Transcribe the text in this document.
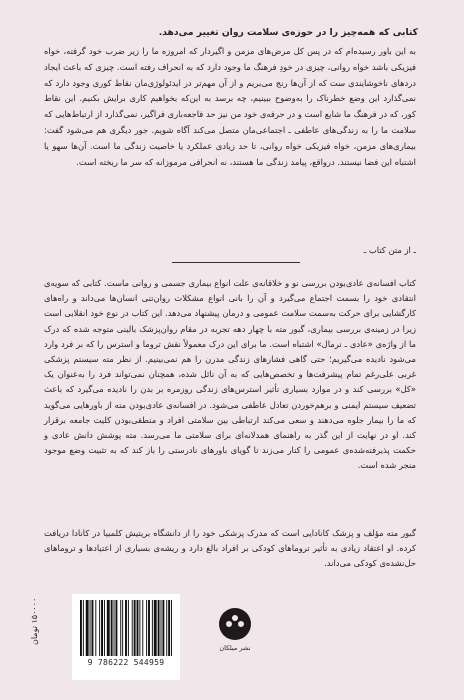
کتابی که همه‌چیز را در حوزه‌ی سلامت روان تغییر می‌دهد.
به این باور رسیده‌ام که در پس کل مرض‌های مزمن و اگیردار که امروزه ما را زیر ضرب خود گرفته، خواه فیزیکی باشد خواه روانی، چیزی در خودِ فرهنگ ما وجود دارد که به انحراف رفته است. چیزی که باعث ایجاد دردهای ناخوشایندی ست که از آن‌ها رنج می‌بریم و از آن مهم‌تر در ایدئولوژی‌مان نقاط کوری وجود دارد که نمی‌گذارد این وضع خطرناک را به‌وضوح ببینیم، چه برسد به این‌که بخواهیم کاری برایش بکنیم. این نقاط کور، که در فرهنگ ما شایع است و در حرفه‌ی خود من نیز حد فاجعه‌باری فراگیر، نمی‌گذارد از ارتباط‌هایی که سلامت ما را به زندگی‌های عاطفی ـ اجتماعی‌مان متصل می‌کند آگاه شویم. جور دیگری هم می‌شود گفت: بیماری‌های مزمن، خواه فیزیکی خواه روانی، تا حد زیادی عملکرد یا خاصیت زندگی ما است. آن‌ها سهو یا اشتباه این فضا نیستند. درواقع، پیامد زندگی ما هستند، نه انحرافی مرموزانه که سر ما ریخته است.
ـ از متن کتاب ـ
کتاب افسانه‌ی عادی‌بودن بررسی نو و خلاقانه‌ی علت انواع بیماری جسمی و روانی ماست. کتابی که سویه‌ی انتقادی خود را بسمت اجتماع می‌گیرد و آن را بانی انواع مشکلات روان‌تنی انسان‌ها می‌داند و راه‌های کارگشایی برای حرکت به‌سمت سلامت عمومی و درمان پیشنهاد می‌دهد. این کتاب در نوع خود انقلابی است زیرا در زمینه‌ی بررسی بیماری، گبور مته با چهار دهه تجربه در مقام روان‌پزشک بالینی متوجه شده که درک ما از واژه‌ی «عادی ـ نرمال» اشتباه است. ما برای این درک معمولاً نقش تروما و استرس را که بر فرد وارد می‌شود نادیده می‌گیریم؛ حتی گاهی فشارهای زندگی مدرن را هم نمی‌بینیم. از نظر مته سیستم پزشکی غربی علی‌رغم تمام پیشرفت‌ها و تخصص‌هایی که به آن نائل شده، همچنان نمی‌تواند فرد را به‌عنوان یک «کل» بررسی کند و در موارد بسیاری تأثیر استرس‌های زندگی روزمره بر بدن را نادیده می‌گیرد که باعث تضعیف سیستم ایمنی و برهم‌خوردن تعادل عاطفی می‌شود. در افسانه‌ی عادی‌بودن مته از باورهایی می‌گوید که ما را بیمار جلوه می‌دهند و سعی می‌کند ارتباطی بین سلامتی افراد و منطقی‌بودن کلیت جامعه برقرار کند. او در نهایت از این گذر به راهنمای همدلانه‌ای برای سلامتی ما می‌رسد. مته پوشش دانش عادی و حکمت پذیرفته‌شده‌ی عمومی را کنار می‌زند تا گویای باورهای نادرستی را باز کند که به تثبیت وضع موجود منجر شده است.
گبور مته مؤلف و پزشک کانادایی است که مدرک پزشکی خود را از دانشگاه بریتیش کلمبیا در کانادا دریافت کرده. او اعتقاد زیادی به تأثیر تروماهای کودکی بر افراد بالغ دارد و ریشه‌ی بسیاری از اعتیادها و تروماهای حل‌نشده‌ی کودکی می‌داند.
۱۵۰۰۰۰ تومان
9 786222 544959
نشر میلکان
